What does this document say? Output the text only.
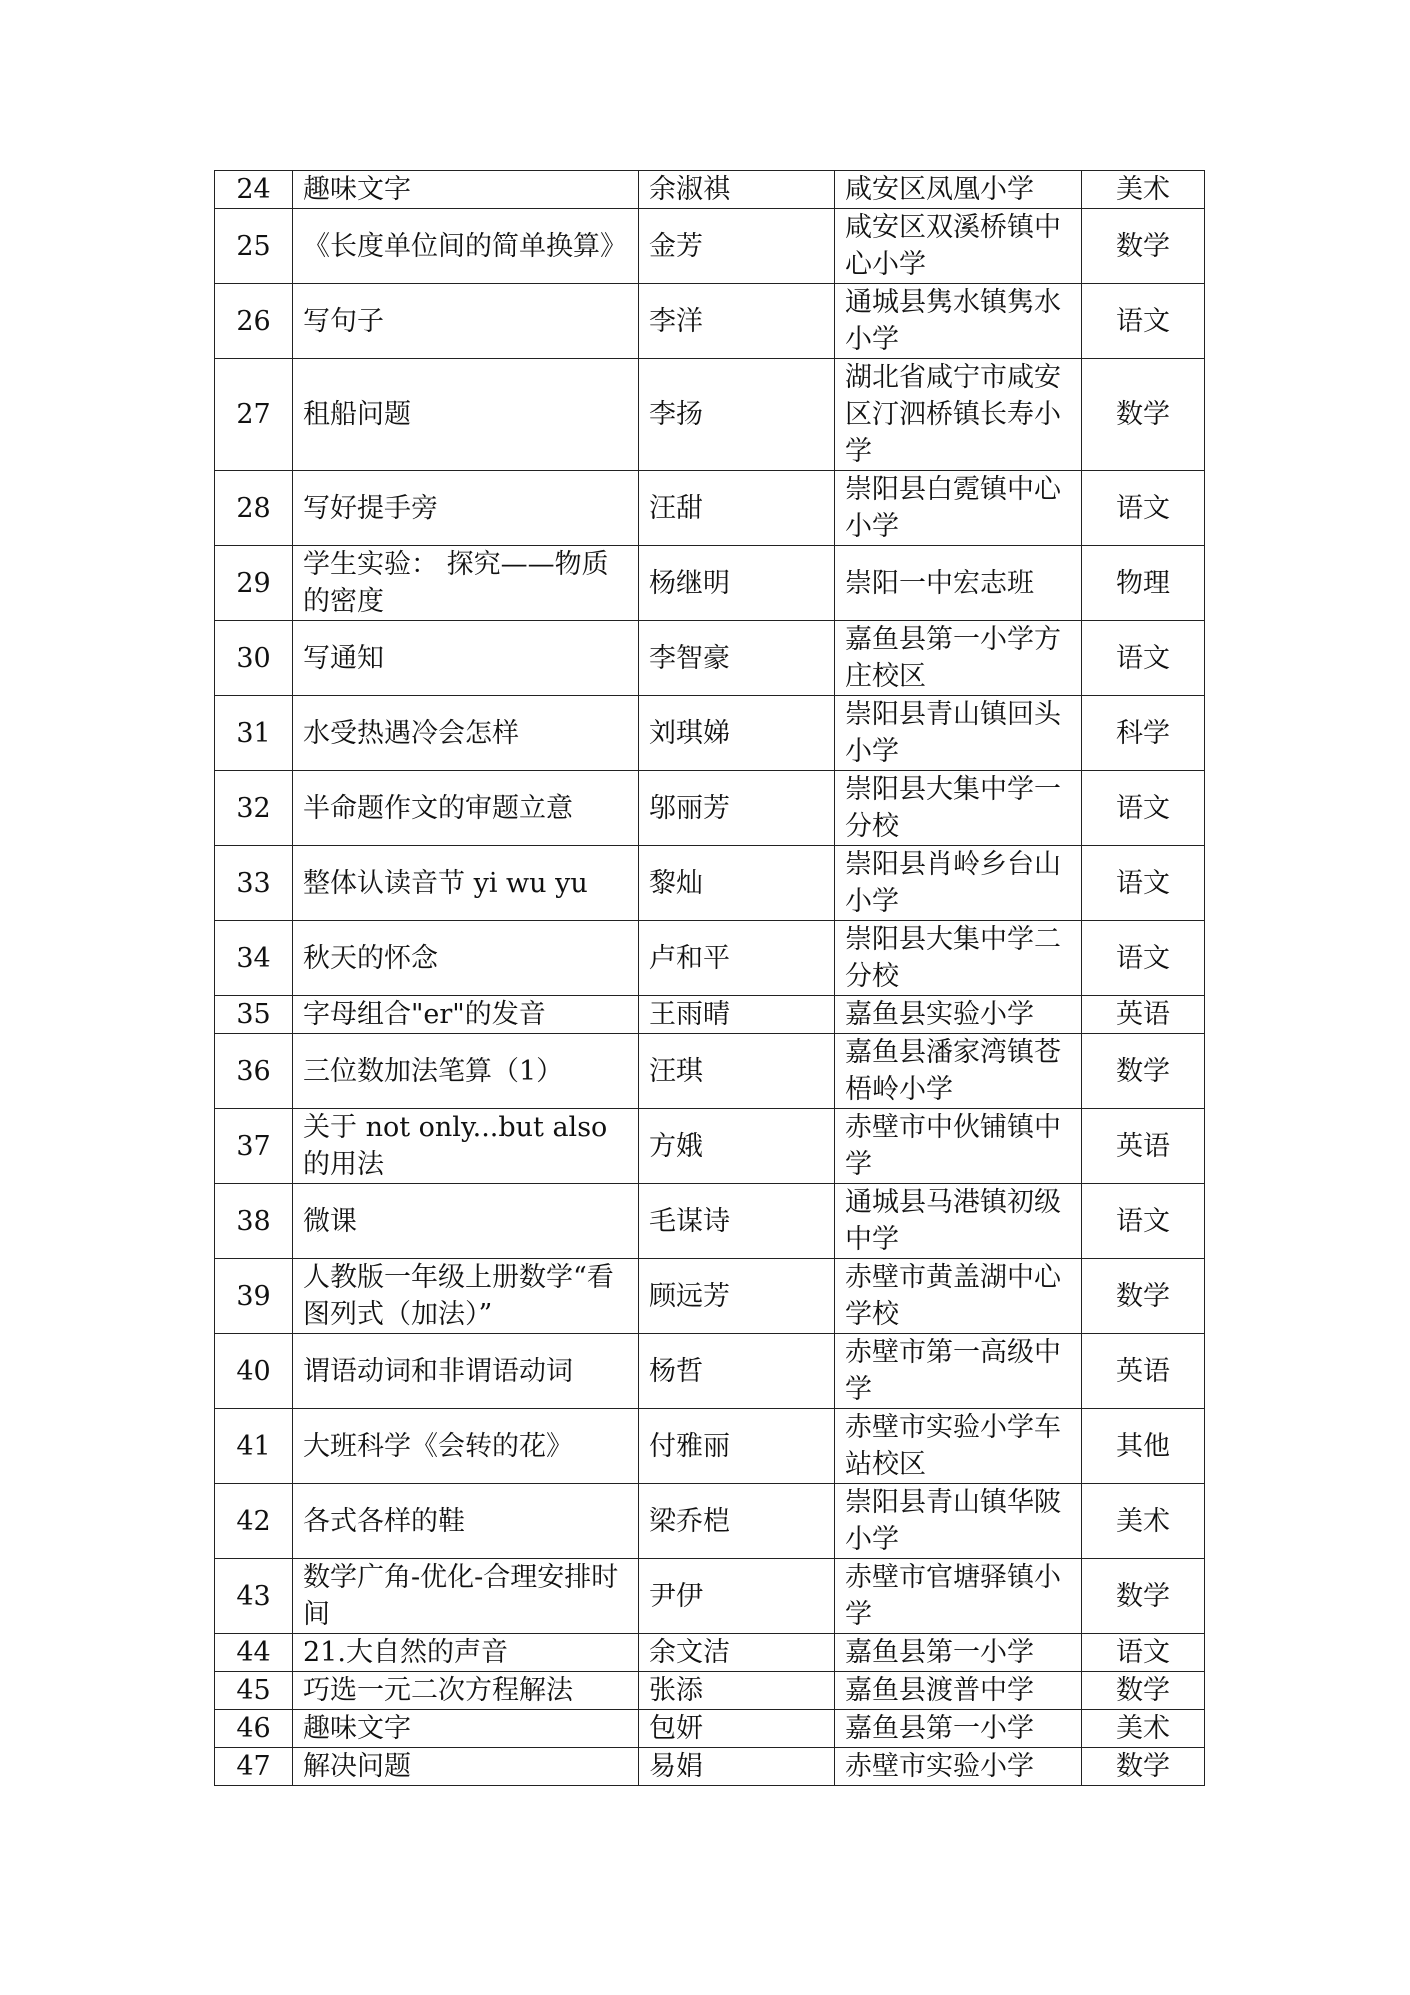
24	趣味文字	余淑祺	咸安区凤凰小学	美术
25	《长度单位间的简单换算》	金芳	咸安区双溪桥镇中心小学	数学
26	写句子	李洋	通城县隽水镇隽水小学	语文
27	租船问题	李扬	湖北省咸宁市咸安区汀泗桥镇长寿小学	数学
28	写好提手旁	汪甜	崇阳县白霓镇中心小学	语文
29	学生实验： 探究——物质的密度	杨继明	崇阳一中宏志班	物理
30	写通知	李智豪	嘉鱼县第一小学方庄校区	语文
31	水受热遇冷会怎样	刘琪娣	崇阳县青山镇回头小学	科学
32	半命题作文的审题立意	邬丽芳	崇阳县大集中学一分校	语文
33	整体认读音节 yi wu yu	黎灿	崇阳县肖岭乡台山小学	语文
34	秋天的怀念	卢和平	崇阳县大集中学二分校	语文
35	字母组合"er"的发音	王雨晴	嘉鱼县实验小学	英语
36	三位数加法笔算（1）	汪琪	嘉鱼县潘家湾镇苍梧岭小学	数学
37	关于 not only...but also 的用法	方娥	赤壁市中伙铺镇中学	英语
38	微课	毛谋诗	通城县马港镇初级中学	语文
39	人教版一年级上册数学“看图列式（加法）”	顾远芳	赤壁市黄盖湖中心学校	数学
40	谓语动词和非谓语动词	杨哲	赤壁市第一高级中学	英语
41	大班科学《会转的花》	付雅丽	赤壁市实验小学车站校区	其他
42	各式各样的鞋	梁乔桤	崇阳县青山镇华陂小学	美术
43	数学广角-优化-合理安排时间	尹伊	赤壁市官塘驿镇小学	数学
44	21.大自然的声音	余文洁	嘉鱼县第一小学	语文
45	巧选一元二次方程解法	张添	嘉鱼县渡普中学	数学
46	趣味文字	包妍	嘉鱼县第一小学	美术
47	解决问题	易娟	赤壁市实验小学	数学
